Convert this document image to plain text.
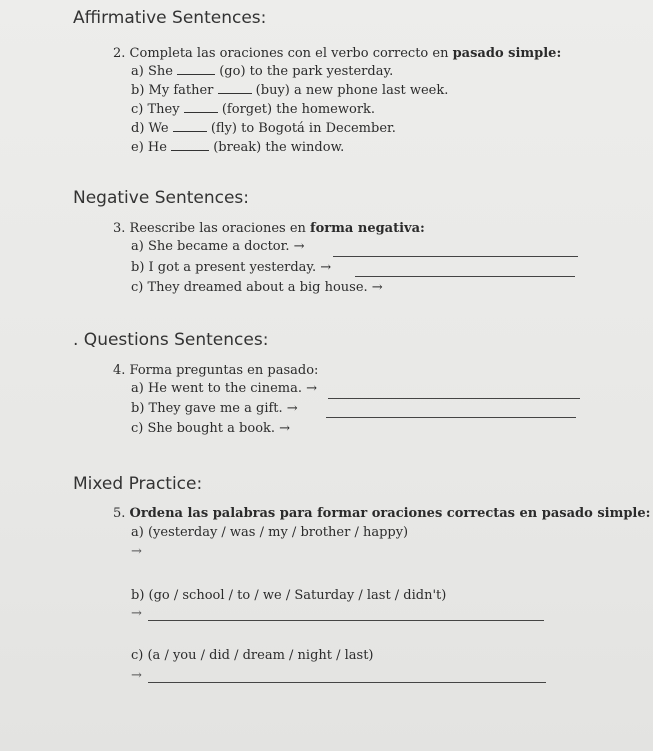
Affirmative Sentences:
2. Completa las oraciones con el verbo correcto en pasado simple:
a) She	(go) to the park yesterday.
b) My father	(buy) a new phone last week.
c) They	(forget) the homework.
d) We	(fly) to Bogotá in December.
e) He	(break) the window.
Negative Sentences:
3. Reescribe las oraciones en forma negativa:
a) She became a doctor. →
b) I got a present yesterday. →
c) They dreamed about a big house. →
. Questions Sentences:
4. Forma preguntas en pasado:
a) He went to the cinema. →
b) They gave me a gift. →
c) She bought a book. →
Mixed Practice:
5. Ordena las palabras para formar oraciones correctas en pasado simple:
a) (yesterday / was / my / brother / happy)
→
b) (go / school / to / we / Saturday / last / didn't)
→
c) (a / you / did / dream / night / last)
→
